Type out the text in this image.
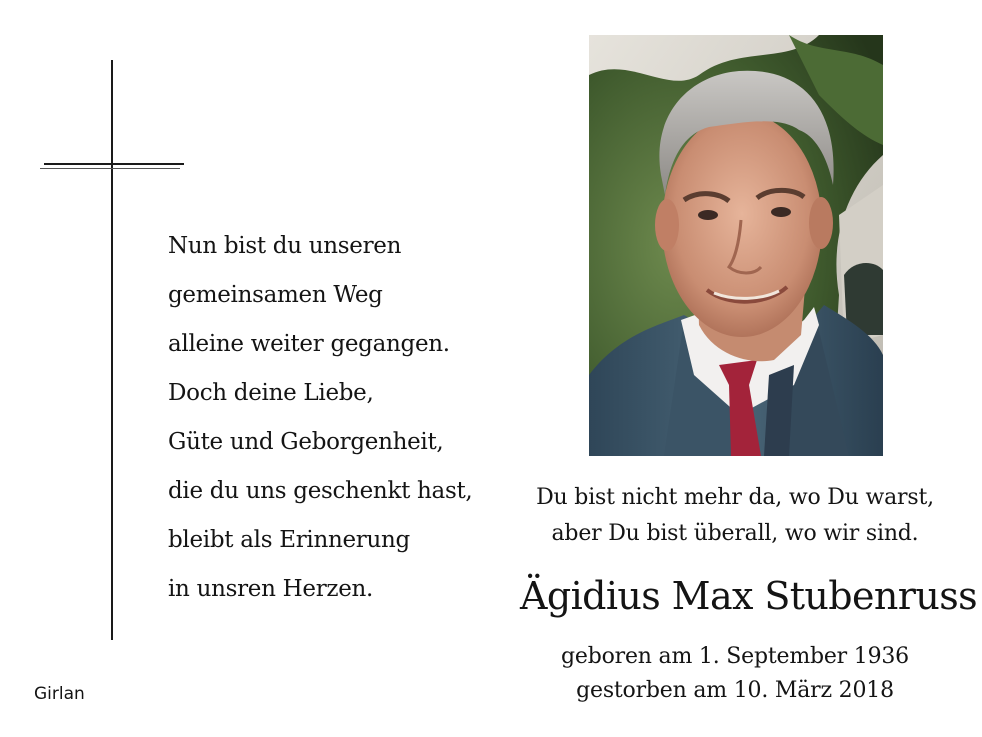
Nun bist du unseren
gemeinsamen Weg
alleine weiter gegangen.
Doch deine Liebe,
Güte und Geborgenheit,
die du uns geschenkt hast,
bleibt als Erinnerung
in unsren Herzen.
Girlan
Du bist nicht mehr da, wo Du warst,
aber Du bist überall, wo wir sind.
Ägidius Max Stubenruss
geboren am 1. September 1936
gestorben am 10. März 2018
